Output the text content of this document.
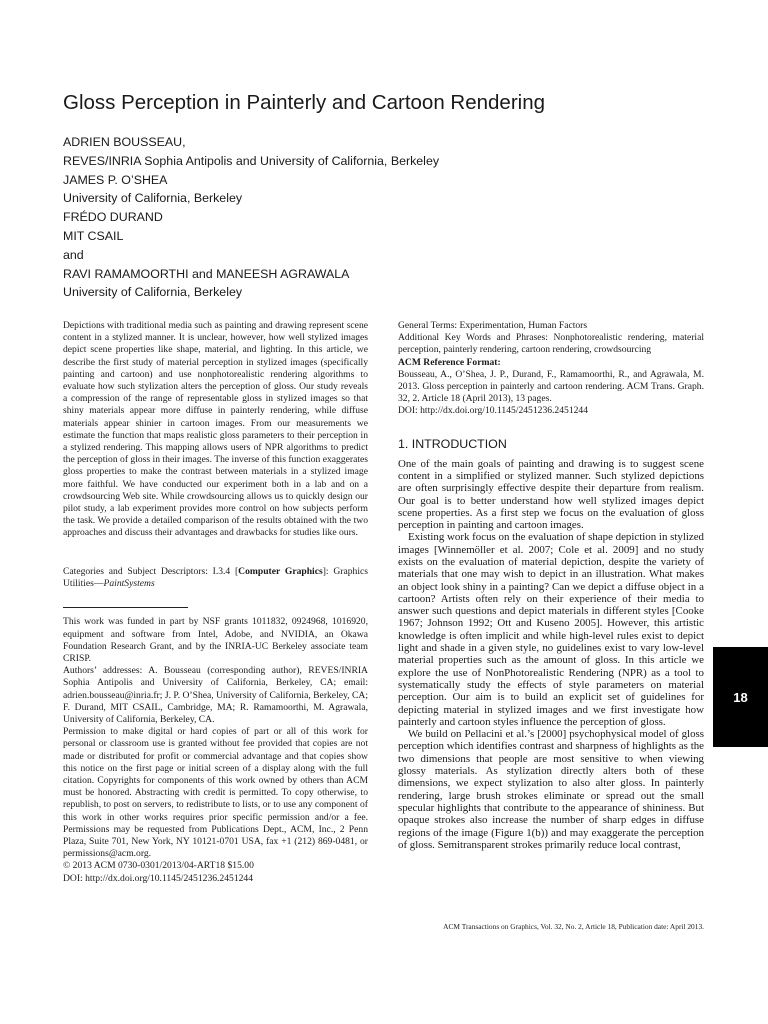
Gloss Perception in Painterly and Cartoon Rendering
ADRIEN BOUSSEAU,
REVES/INRIA Sophia Antipolis and University of California, Berkeley
JAMES P. O’SHEA
University of California, Berkeley
FRÉDO DURAND
MIT CSAIL
and
RAVI RAMAMOORTHI and MANEESH AGRAWALA
University of California, Berkeley

Depictions with traditional media such as painting and drawing represent scene content in a stylized manner. It is unclear, however, how well stylized images depict scene properties like shape, material, and lighting. In this article, we describe the first study of material perception in stylized images (specifically painting and cartoon) and use nonphotorealistic rendering algorithms to evaluate how such stylization alters the perception of gloss. Our study reveals a compression of the range of representable gloss in stylized images so that shiny materials appear more diffuse in painterly rendering, while diffuse materials appear shinier in cartoon images. From our measurements we estimate the function that maps realistic gloss parameters to their perception in a stylized rendering. This mapping allows users of NPR algorithms to predict the perception of gloss in their images. The inverse of this function exaggerates gloss properties to make the contrast between materials in a stylized image more faithful. We have conducted our experiment both in a lab and on a crowdsourcing Web site. While crowdsourcing allows us to quickly design our pilot study, a lab experiment provides more control on how subjects perform the task. We provide a detailed comparison of the results obtained with the two approaches and discuss their advantages and drawbacks for studies like ours.

Categories and Subject Descriptors: I.3.4 [Computer Graphics]: Graphics Utilities—PaintSystems

This work was funded in part by NSF grants 1011832, 0924968, 1016920, equipment and software from Intel, Adobe, and NVIDIA, an Okawa Foundation Research Grant, and by the INRIA-UC Berkeley associate team CRISP.

Authors’ addresses: A. Bousseau (corresponding author), REVES/INRIA Sophia Antipolis and University of California, Berkeley, CA; email: adrien.bousseau@inria.fr; J. P. O’Shea, University of California, Berkeley, CA; F. Durand, MIT CSAIL, Cambridge, MA; R. Ramamoorthi, M. Agrawala, University of California, Berkeley, CA.

Permission to make digital or hard copies of part or all of this work for personal or classroom use is granted without fee provided that copies are not made or distributed for profit or commercial advantage and that copies show this notice on the first page or initial screen of a display along with the full citation. Copyrights for components of this work owned by others than ACM must be honored. Abstracting with credit is permitted. To copy otherwise, to republish, to post on servers, to redistribute to lists, or to use any component of this work in other works requires prior specific permission and/or a fee. Permissions may be requested from Publications Dept., ACM, Inc., 2 Penn Plaza, Suite 701, New York, NY 10121-0701 USA, fax +1 (212) 869-0481, or permissions@acm.org.

© 2013 ACM 0730-0301/2013/04-ART18 $15.00

DOI: http://dx.doi.org/10.1145/2451236.2451244

General Terms: Experimentation, Human Factors

Additional Key Words and Phrases: Nonphotorealistic rendering, material perception, painterly rendering, cartoon rendering, crowdsourcing

ACM Reference Format:

Bousseau, A., O’Shea, J. P., Durand, F., Ramamoorthi, R., and Agrawala, M. 2013. Gloss perception in painterly and cartoon rendering. ACM Trans. Graph. 32, 2. Article 18 (April 2013), 13 pages.

DOI: http://dx.doi.org/10.1145/2451236.2451244

1. INTRODUCTION

One of the main goals of painting and drawing is to suggest scene content in a simplified or stylized manner. Such stylized depictions are often surprisingly effective despite their departure from realism. Our goal is to better understand how well stylized images depict scene properties. As a first step we focus on the evaluation of gloss perception in painting and cartoon images.

Existing work focus on the evaluation of shape depiction in stylized images [Winnemöller et al. 2007; Cole et al. 2009] and no study exists on the evaluation of material depiction, despite the variety of materials that one may wish to depict in an illustration. What makes an object look shiny in a painting? Can we depict a diffuse object in a cartoon? Artists often rely on their experience of their media to answer such questions and depict materials in different styles [Cooke 1967; Johnson 1992; Ott and Kuseno 2005]. However, this artistic knowledge is often implicit and while high-level rules exist to depict light and shade in a given style, no guidelines exist to vary low-level material properties such as the amount of gloss. In this article we explore the use of NonPhotorealistic Rendering (NPR) as a tool to systematically study the effects of style parameters on material perception. Our aim is to build an explicit set of guidelines for depicting material in stylized images and we first investigate how painterly and cartoon styles influence the perception of gloss.

We build on Pellacini et al.’s [2000] psychophysical model of gloss perception which identifies contrast and sharpness of highlights as the two dimensions that people are most sensitive to when viewing glossy materials. As stylization directly alters both of these dimensions, we expect stylization to also alter gloss. In painterly rendering, large brush strokes eliminate or spread out the small specular highlights that contribute to the appearance of shininess. But opaque strokes also increase the number of sharp edges in diffuse regions of the image (Figure 1(b)) and may exaggerate the perception of gloss. Semitransparent strokes primarily reduce local contrast,

ACM Transactions on Graphics, Vol. 32, No. 2, Article 18, Publication date: April 2013.
18
